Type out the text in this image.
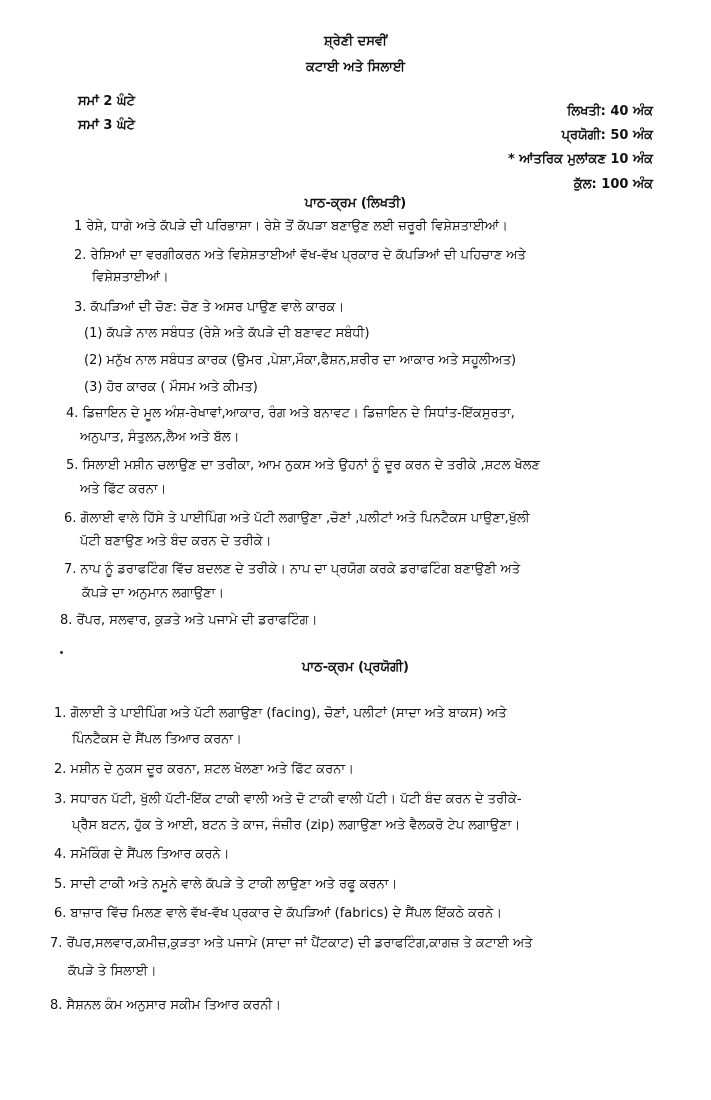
ਸ਼੍ਰੇਣੀ ਦਸਵੀਂ
ਕਟਾਈ ਅਤੇ ਸਿਲਾਈ
ਸਮਾਂ 2 ਘੰਟੇ
ਸਮਾਂ 3 ਘੰਟੇ
ਲਿਖਤੀ: 40 ਅੰਕ
ਪ੍ਰਯੋਗੀ: 50 ਅੰਕ
* ਆਂਤਰਿਕ ਮੁਲਾਂਕਣ 10 ਅੰਕ
ਕੁੱਲ: 100 ਅੰਕ
ਪਾਠ-ਕ੍ਰਮ (ਲਿਖਤੀ)
1 ਰੇਸ਼ੇ, ਧਾਗੇ ਅਤੇ ਕੱਪੜੇ ਦੀ ਪਰਿਭਾਸ਼ਾ। ਰੇਸ਼ੇ ਤੋਂ ਕੱਪੜਾ ਬਣਾਉਣ ਲਈ ਜ਼ਰੂਰੀ ਵਿਸ਼ੇਸ਼ਤਾਈਆਂ।
2. ਰੇਸ਼ਿਆਂ ਦਾ ਵਰਗੀਕਰਨ ਅਤੇ ਵਿਸ਼ੇਸ਼ਤਾਈਆਂ ਵੱਖ-ਵੱਖ ਪ੍ਰਕਾਰ ਦੇ ਕੱਪੜਿਆਂ ਦੀ ਪਹਿਚਾਣ ਅਤੇ
ਵਿਸ਼ੇਸ਼ਤਾਈਆਂ।
3. ਕੱਪੜਿਆਂ ਦੀ ਚੋਣ: ਚੋਣ ਤੇ ਅਸਰ ਪਾਉਣ ਵਾਲੇ ਕਾਰਕ।
(1) ਕੱਪੜੇ ਨਾਲ ਸਬੰਧਤ (ਰੇਸ਼ੇ ਅਤੇ ਕੱਪੜੇ ਦੀ ਬਣਾਵਟ ਸਬੰਧੀ)
(2) ਮਨੁੱਖ ਨਾਲ ਸਬੰਧਤ ਕਾਰਕ (ਉਮਰ ,ਪੇਸ਼ਾ,ਮੌਕਾ,ਫੈਸ਼ਨ,ਸ਼ਰੀਰ ਦਾ ਆਕਾਰ ਅਤੇ ਸਹੂਲੀਅਤ)
(3) ਹੋਰ ਕਾਰਕ ( ਮੌਸਮ ਅਤੇ ਕੀਮਤ)
4. ਡਿਜ਼ਾਇਨ ਦੇ ਮੂਲ ਅੰਸ਼-ਰੇਖਾਵਾਂ,ਆਕਾਰ, ਰੰਗ ਅਤੇ ਬਨਾਵਟ। ਡਿਜ਼ਾਇਨ ਦੇ ਸਿਧਾਂਤ-ਇੱਕਸੁਰਤਾ,
ਅਨੁਪਾਤ, ਸੰਤੁਲਨ,ਲੈਅ ਅਤੇ ਬੱਲ।
5. ਸਿਲਾਈ ਮਸ਼ੀਨ ਚਲਾਉਣ ਦਾ ਤਰੀਕਾ, ਆਮ ਨੁਕਸ ਅਤੇ ਉਹਨਾਂ ਨੂੰ ਦੂਰ ਕਰਨ ਦੇ ਤਰੀਕੇ ,ਸ਼ਟਲ ਖੋਲਣ
ਅਤੇ ਫਿੱਟ ਕਰਨਾ।
6. ਗੋਲਾਈ ਵਾਲੇ ਹਿੱਸੇ ਤੇ ਪਾਈਪਿੰਗ ਅਤੇ ਪੱਟੀ ਲਗਾਉਣਾ ,ਚੋਣਾਂ ,ਪਲੀਟਾਂ ਅਤੇ ਪਿਨਟੈਕਸ ਪਾਉਣਾ,ਖੁੱਲੀ
ਪੱਟੀ ਬਣਾਉਣ ਅਤੇ ਬੰਦ ਕਰਨ ਦੇ ਤਰੀਕੇ।
7. ਨਾਪ ਨੂੰ ਡਰਾਫਟਿੰਗ ਵਿੱਚ ਬਦਲਣ ਦੇ ਤਰੀਕੇ। ਨਾਪ ਦਾ ਪ੍ਰਯੋਗ ਕਰਕੇ ਡਰਾਫਟਿੰਗ ਬਣਾਉਣੀ ਅਤੇ
ਕੱਪੜੇ ਦਾ ਅਨੁਮਾਨ ਲਗਾਉਣਾ।
8. ਰੋਂਪਰ, ਸਲਵਾਰ, ਕੁੜਤੇ ਅਤੇ ਪਜਾਮੇ ਦੀ ਡਰਾਫਟਿੰਗ।
ਪਾਠ-ਕ੍ਰਮ (ਪ੍ਰਯੋਗੀ)
1. ਗੋਲਾਈ ਤੇ ਪਾਈਪਿੰਗ ਅਤੇ ਪੱਟੀ ਲਗਾਉਣਾ (facing), ਚੋਣਾਂ, ਪਲੀਟਾਂ (ਸਾਦਾ ਅਤੇ ਬਾਕਸ) ਅਤੇ
ਪਿੰਨਟੈਕਸ ਦੇ ਸੈਂਪਲ ਤਿਆਰ ਕਰਨਾ।
2. ਮਸ਼ੀਨ ਦੇ ਨੁਕਸ ਦੂਰ ਕਰਨਾ, ਸ਼ਟਲ ਖੋਲਣਾ ਅਤੇ ਫਿੱਟ ਕਰਨਾ।
3. ਸਧਾਰਨ ਪੱਟੀ, ਖੁੱਲੀ ਪੱਟੀ-ਇੱਕ ਟਾਕੀ ਵਾਲੀ ਅਤੇ ਦੋ ਟਾਕੀ ਵਾਲੀ ਪੱਟੀ। ਪੱਟੀ ਬੰਦ ਕਰਨ ਦੇ ਤਰੀਕੇ-
ਪ੍ਰੈੱਸ ਬਟਨ, ਹੁੱਕ ਤੇ ਆਈ, ਬਟਨ ਤੇ ਕਾਜ, ਜੰਜ਼ੀਰ (zip) ਲਗਾਉਣਾ ਅਤੇ ਵੈਲਕਰੋ ਟੇਪ ਲਗਾਉਣਾ।
4. ਸਮੋਕਿੰਗ ਦੇ ਸੈਂਪਲ ਤਿਆਰ ਕਰਨੇ।
5. ਸਾਦੀ ਟਾਕੀ ਅਤੇ ਨਮੂਨੇ ਵਾਲੇ ਕੱਪੜੇ ਤੇ ਟਾਕੀ ਲਾਉਣਾ ਅਤੇ ਰਫੂ ਕਰਨਾ।
6. ਬਾਜ਼ਾਰ ਵਿੱਚ ਮਿਲਣ ਵਾਲੇ ਵੱਖ-ਵੱਖ ਪ੍ਰਕਾਰ ਦੇ ਕੱਪੜਿਆਂ (fabrics) ਦੇ ਸੈਂਪਲ ਇੱਕਠੇ ਕਰਨੇ।
7. ਰੋਂਪਰ,ਸਲਵਾਰ,ਕਮੀਜ਼,ਕੁੜਤਾ ਅਤੇ ਪਜਾਮੇ (ਸਾਦਾ ਜਾਂ ਪੈਂਟਕਾਟ) ਦੀ ਡਰਾਫਟਿੰਗ,ਕਾਗਜ਼ ਤੇ ਕਟਾਈ ਅਤੇ
ਕੱਪੜੇ ਤੇ ਸਿਲਾਈ।
8. ਸੈਸ਼ਨਲ ਕੰਮ ਅਨੁਸਾਰ ਸਕੀਮ ਤਿਆਰ ਕਰਨੀ।
